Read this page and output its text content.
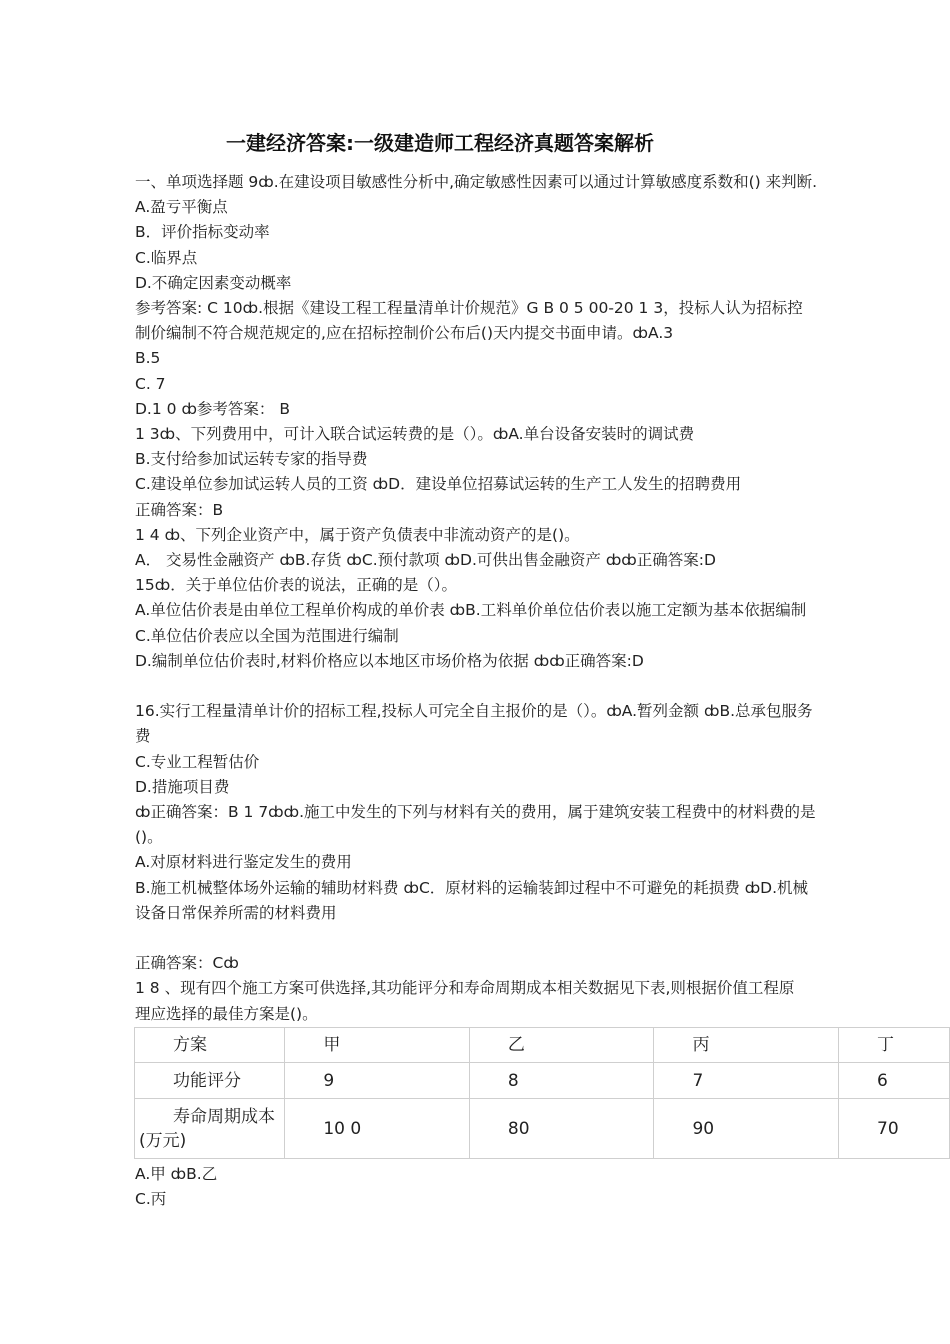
一建经济答案:一级建造师工程经济真题答案解析
一、单项选择题 9ȸ.在建设项目敏感性分析中,确定敏感性因素可以通过计算敏感度系数和() 来判断.
A.盈亏平衡点
B．评价指标变动率
C.临界点
D.不确定因素变动概率
参考答案: C 10ȸ.根据《建设工程工程量清单计价规范》G B 0 5 00-20 1 3，投标人认为招标控
制价编制不符合规范规定的,应在招标控制价公布后()天内提交书面申请。ȸA.3
B.5
C. 7
D.1 0 ȸ参考答案： B
1 3ȸ、下列费用中，可计入联合试运转费的是（）。ȸA.单台设备安装时的调试费
B.支付给参加试运转专家的指导费
C.建设单位参加试运转人员的工资 ȸD．建设单位招募试运转的生产工人发生的招聘费用
正确答案：B
1 4 ȸ、下列企业资产中，属于资产负债表中非流动资产的是()。
A． 交易性金融资产 ȸB.存货 ȸC.预付款项 ȸD.可供出售金融资产 ȸȸ正确答案:D
15ȸ．关于单位估价表的说法，正确的是（）。
A.单位估价表是由单位工程单价构成的单价表 ȸB.工料单价单位估价表以施工定额为基本依据编制
C.单位估价表应以全国为范围进行编制
D.编制单位估价表时,材料价格应以本地区市场价格为依据 ȸȸ正确答案:D
16.实行工程量清单计价的招标工程,投标人可完全自主报价的是（）。ȸA.暂列金额 ȸB.总承包服务
费
C.专业工程暂估价
D.措施项目费
ȸ正确答案：B 1 7ȸȸ.施工中发生的下列与材料有关的费用，属于建筑安装工程费中的材料费的是
()。
A.对原材料进行鉴定发生的费用
B.施工机械整体场外运输的辅助材料费 ȸC．原材料的运输装卸过程中不可避免的耗损费 ȸD.机械
设备日常保养所需的材料费用
正确答案：Cȸ
1 8 、现有四个施工方案可供选择,其功能评分和寿命周期成本相关数据见下表,则根据价值工程原
理应选择的最佳方案是()。
方案	甲	乙	丙	丁

功能评分	9	8	7	6

寿命周期成本
(万元)	10 0	80	90	70
A.甲 ȸB.乙
C.丙
